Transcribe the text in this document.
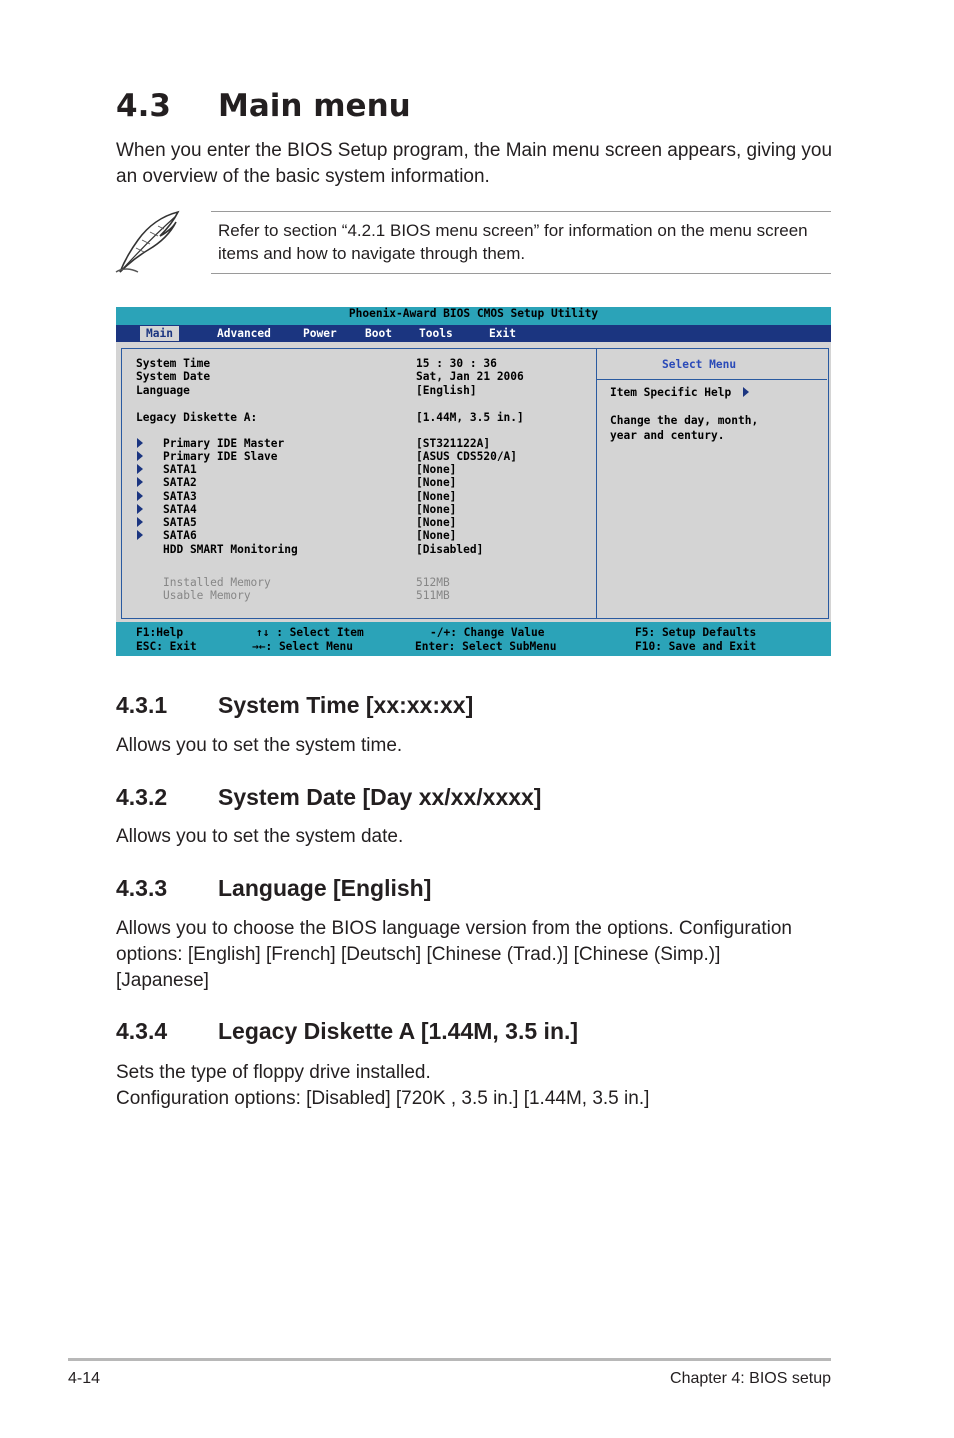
4.3 Main menu
When you enter the BIOS Setup program, the Main menu screen appears, giving you an overview of the basic system information.
Refer to section “4.2.1 BIOS menu screen” for information on the menu screen items and how to navigate through them.
Phoenix-Award BIOS CMOS Setup Utility
Main	Advanced	Power	Boot Tools	Exit
System Time	15 : 30 : 36
System Date	Sat, Jan 21 2006
Language	[English]
Legacy Diskette A:	[1.44M, 3.5 in.]
Primary IDE Master	[ST321122A]
Primary IDE Slave	[ASUS CDS520/A]
SATA1	[None]
SATA2	[None]
SATA3	[None]
SATA4	[None]
SATA5	[None]
SATA6	[None]
HDD SMART Monitoring	[Disabled]
Installed Memory	512MB
Usable Memory	511MB
Select Menu
Item Specific Help
Change the day, month,
year and century.
F1:Help
ESC: Exit
↑↓ : Select Item
→←: Select Menu
-/+: Change Value
Enter: Select SubMenu
F5: Setup Defaults
F10: Save and Exit
4.3.1 System Time [xx:xx:xx]
Allows you to set the system time.
4.3.2 System Date [Day xx/xx/xxxx]
Allows you to set the system date.
4.3.3 Language [English]
Allows you to choose the BIOS language version from the options. Configuration options: [English] [French] [Deutsch] [Chinese (Trad.)] [Chinese (Simp.)] [Japanese]
4.3.4 Legacy Diskette A [1.44M, 3.5 in.]
Sets the type of floppy drive installed.
Configuration options: [Disabled] [720K , 3.5 in.] [1.44M, 3.5 in.]
4-14	Chapter 4: BIOS setup
